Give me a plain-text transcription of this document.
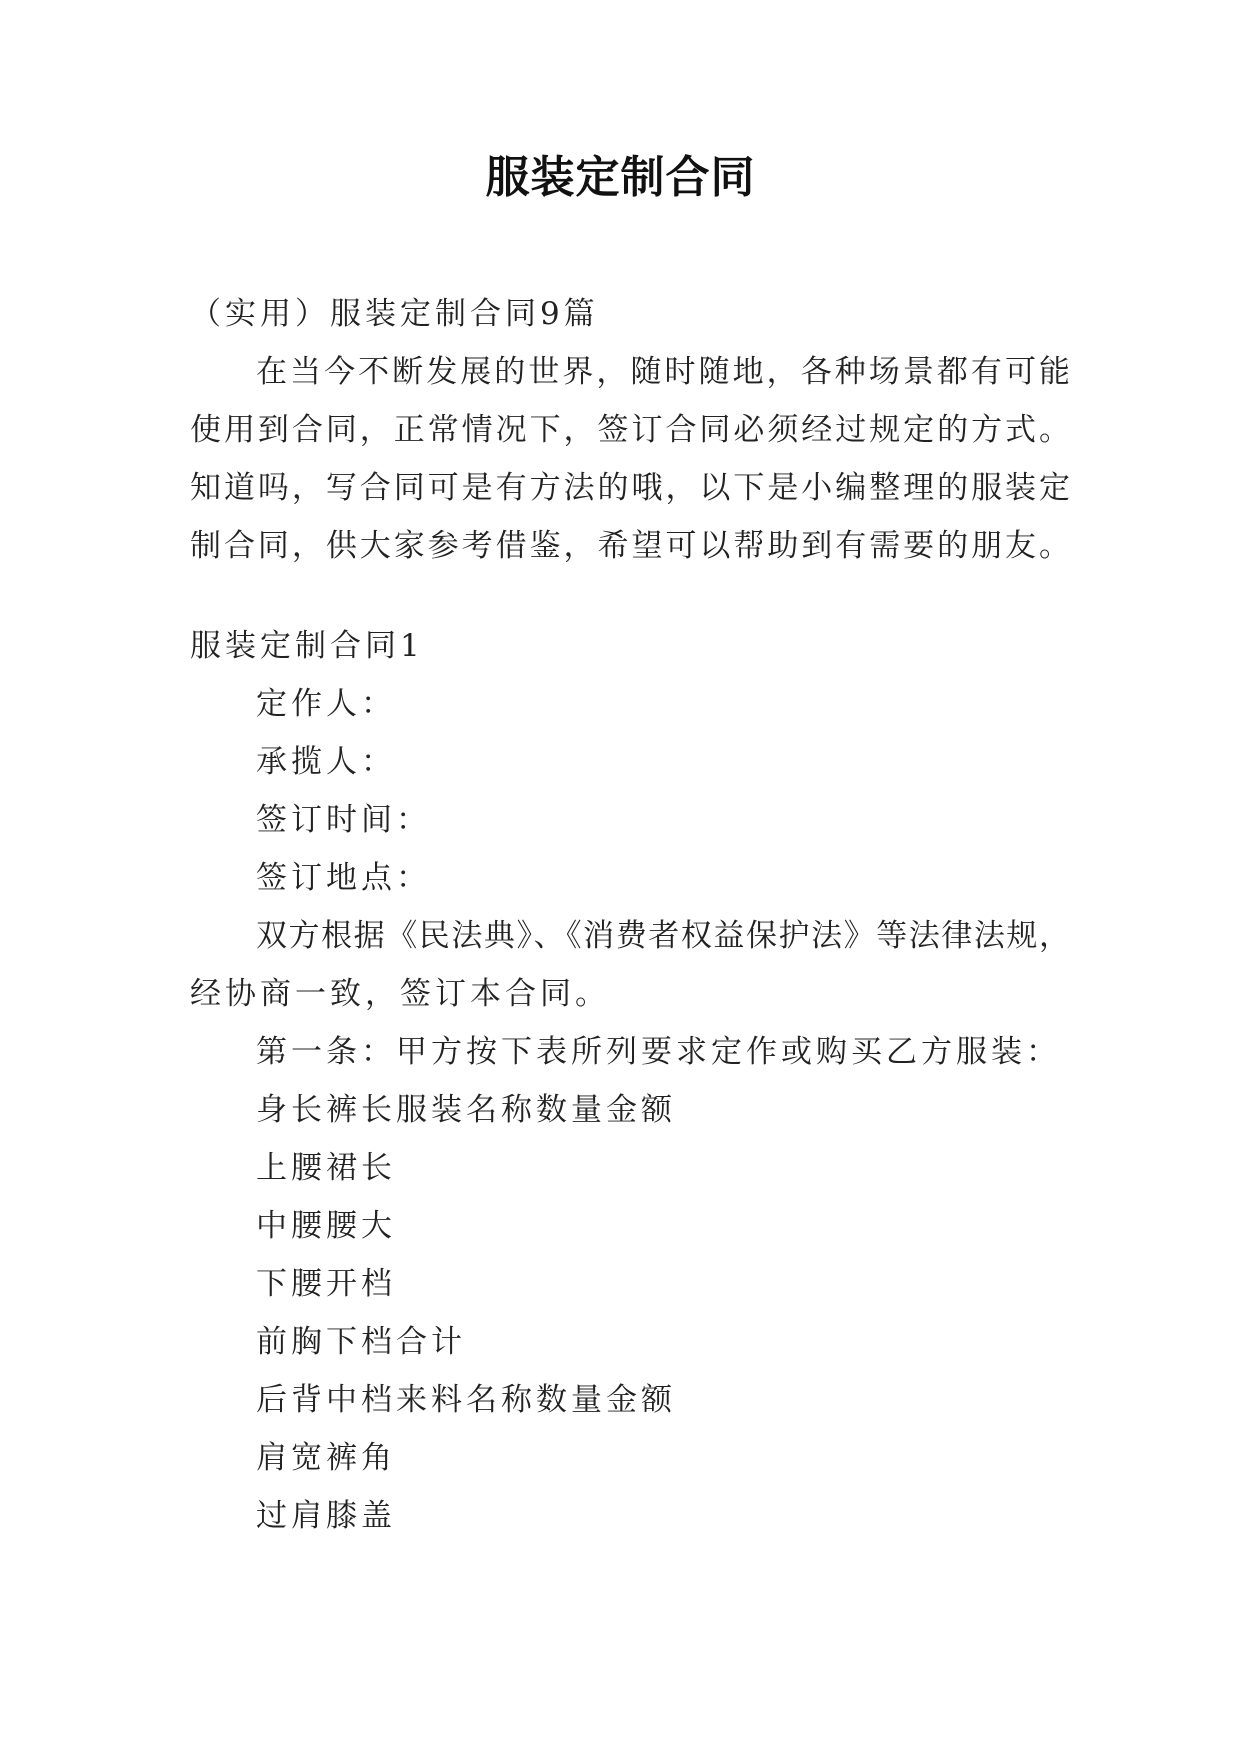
服装定制合同
（实用）服装定制合同9篇
在当今不断发展的世界，随时随地，各种场景都有可能
使用到合同，正常情况下，签订合同必须经过规定的方式。
知道吗，写合同可是有方法的哦，以下是小编整理的服装定
制合同，供大家参考借鉴，希望可以帮助到有需要的朋友。
服装定制合同1
定作人：
承揽人：
签订时间：
签订地点：
双方根据《民法典》、《消费者权益保护法》等法律法规，
经协商一致，签订本合同。
第一条：甲方按下表所列要求定作或购买乙方服装：
身长裤长服装名称数量金额
上腰裙长
中腰腰大
下腰开档
前胸下档合计
后背中档来料名称数量金额
肩宽裤角
过肩膝盖
